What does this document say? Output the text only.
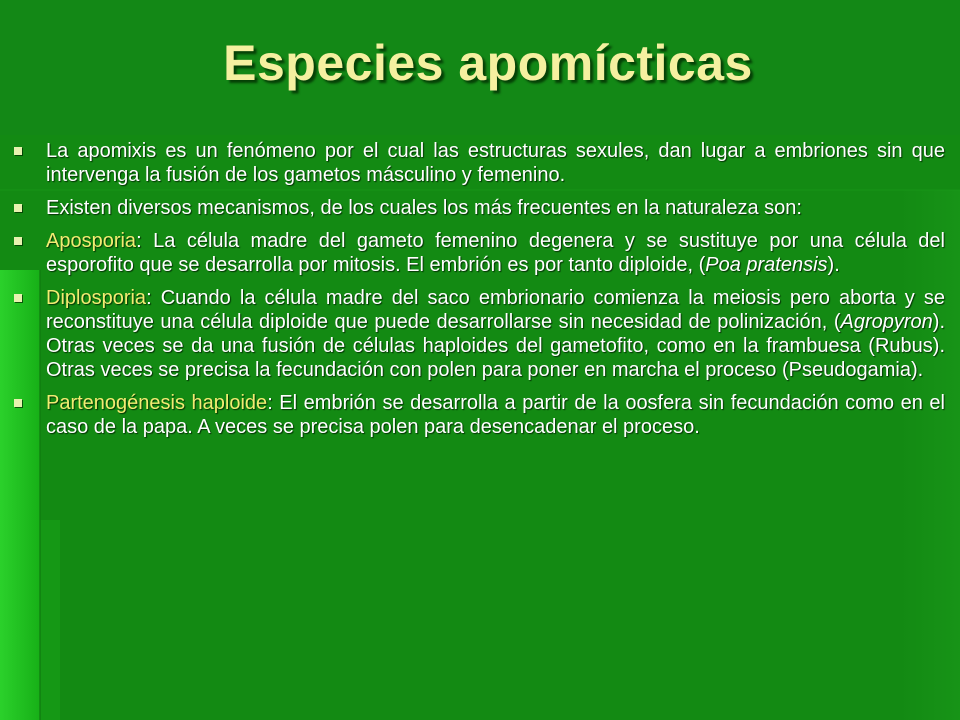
Especies apomícticas
La apomixis es un fenómeno por el cual las estructuras sexules, dan lugar a embriones sin que intervenga la fusión de los gametos másculino y femenino.
Existen diversos mecanismos, de los cuales los más frecuentes en la naturaleza son:
Aposporia: La célula madre del gameto femenino degenera y se sustituye por una célula del esporofito que se desarrolla por mitosis. El embrión es por tanto diploide, (Poa pratensis).
Diplosporia: Cuando la célula madre del saco embrionario comienza la meiosis pero aborta y se reconstituye una célula diploide que puede desarrollarse sin necesidad de polinización, (Agropyron). Otras veces se da una fusión de células haploides del gametofito, como en la frambuesa (Rubus). Otras veces se precisa la fecundación con polen para poner en marcha el proceso (Pseudogamia).
Partenogénesis haploide: El embrión se desarrolla a partir de la oosfera sin fecundación como en el caso de la papa. A veces se precisa polen para desencadenar el proceso.
